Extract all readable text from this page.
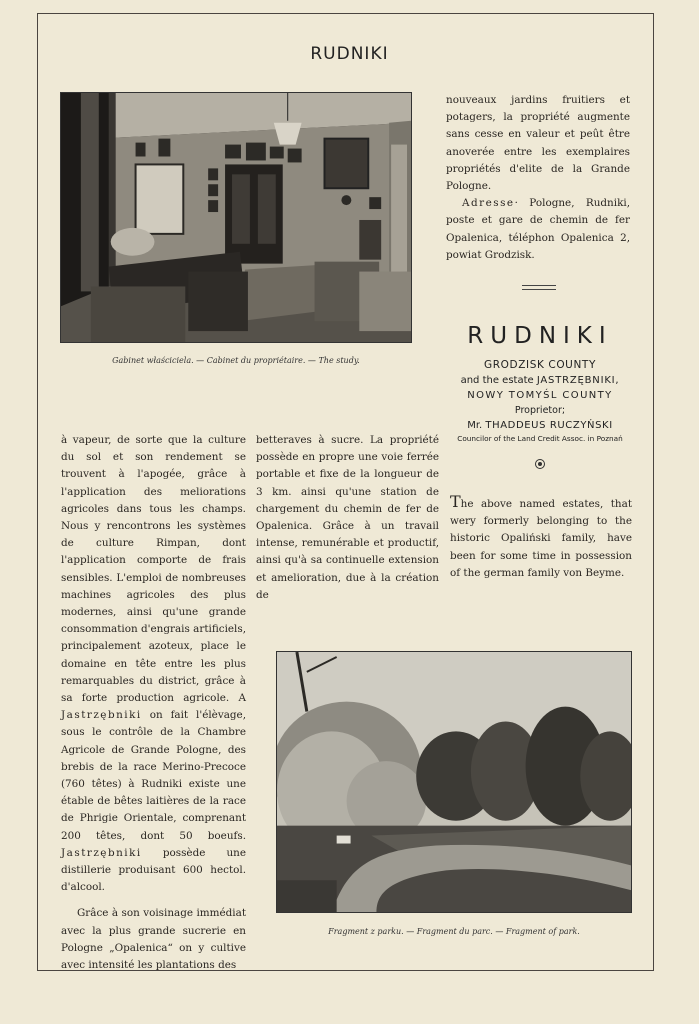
RUDNIKI
Gabinet właściciela. — Cabinet du propriétaire. — The study.

nouveaux jardins fruitiers et potagers, la propriété augmente sans cesse en valeur et peût être anoverée entre les exemplaires propriétés d'elite de la Grande Pologne.

Adresse· Pologne, Rudniki, poste et gare de chemin de fer Opalenica, téléphon Opalenica 2, powiat Grodzisk.

RUDNIKI
GRODZISK COUNTY
and the estate JASTRZĘBNIKI,
NOWY TOMYŚL COUNTY
Proprietor;
Mr. THADDEUS RUCZYŃSKI
Councilor of the Land Credit Assoc. in Poznań

The above named estates, that wery formerly belonging to the historic Opaliński family, have been for some time in possession of the german family von Beyme.

à vapeur, de sorte que la culture du sol et son rendement se trouvent à l'apogée, grâce à l'application des meliorations agricoles dans tous les champs. Nous y rencontrons les systèmes de culture Rimpan, dont l'application comporte de frais sensibles. L'emploi de nombreuses machines agricoles des plus modernes, ainsi qu'une grande consommation d'engrais artificiels, principalement azoteux, place le domaine en tête entre les plus remarquables du district, grâce à sa forte production agricole. A Jastrzębniki on fait l'élèvage, sous le contrôle de la Chambre Agricole de Grande Pologne, des brebis de la race Merino-Precoce (760 têtes) à Rudniki existe une étable de bêtes laitières de la race de Phrigie Orientale, comprenant 200 têtes, dont 50 boeufs. Jastrzębniki possède une distillerie produisant 600 hectol. d'alcool.

Grâce à son voisinage immédiat avec la plus grande sucrerie en Pologne „Opalenica“ on y cultive avec intensité les plantations des

betteraves à sucre. La propriété possède en propre une voie ferrée portable et fixe de la longueur de 3 km. ainsi qu'une station de chargement du chemin de fer de Opalenica. Grâce à un travail intense, remunérable et productif, ainsi qu'à sa continuelle extension et amelioration, due à la création de

Fragment z parku. — Fragment du parc. — Fragment of park.
